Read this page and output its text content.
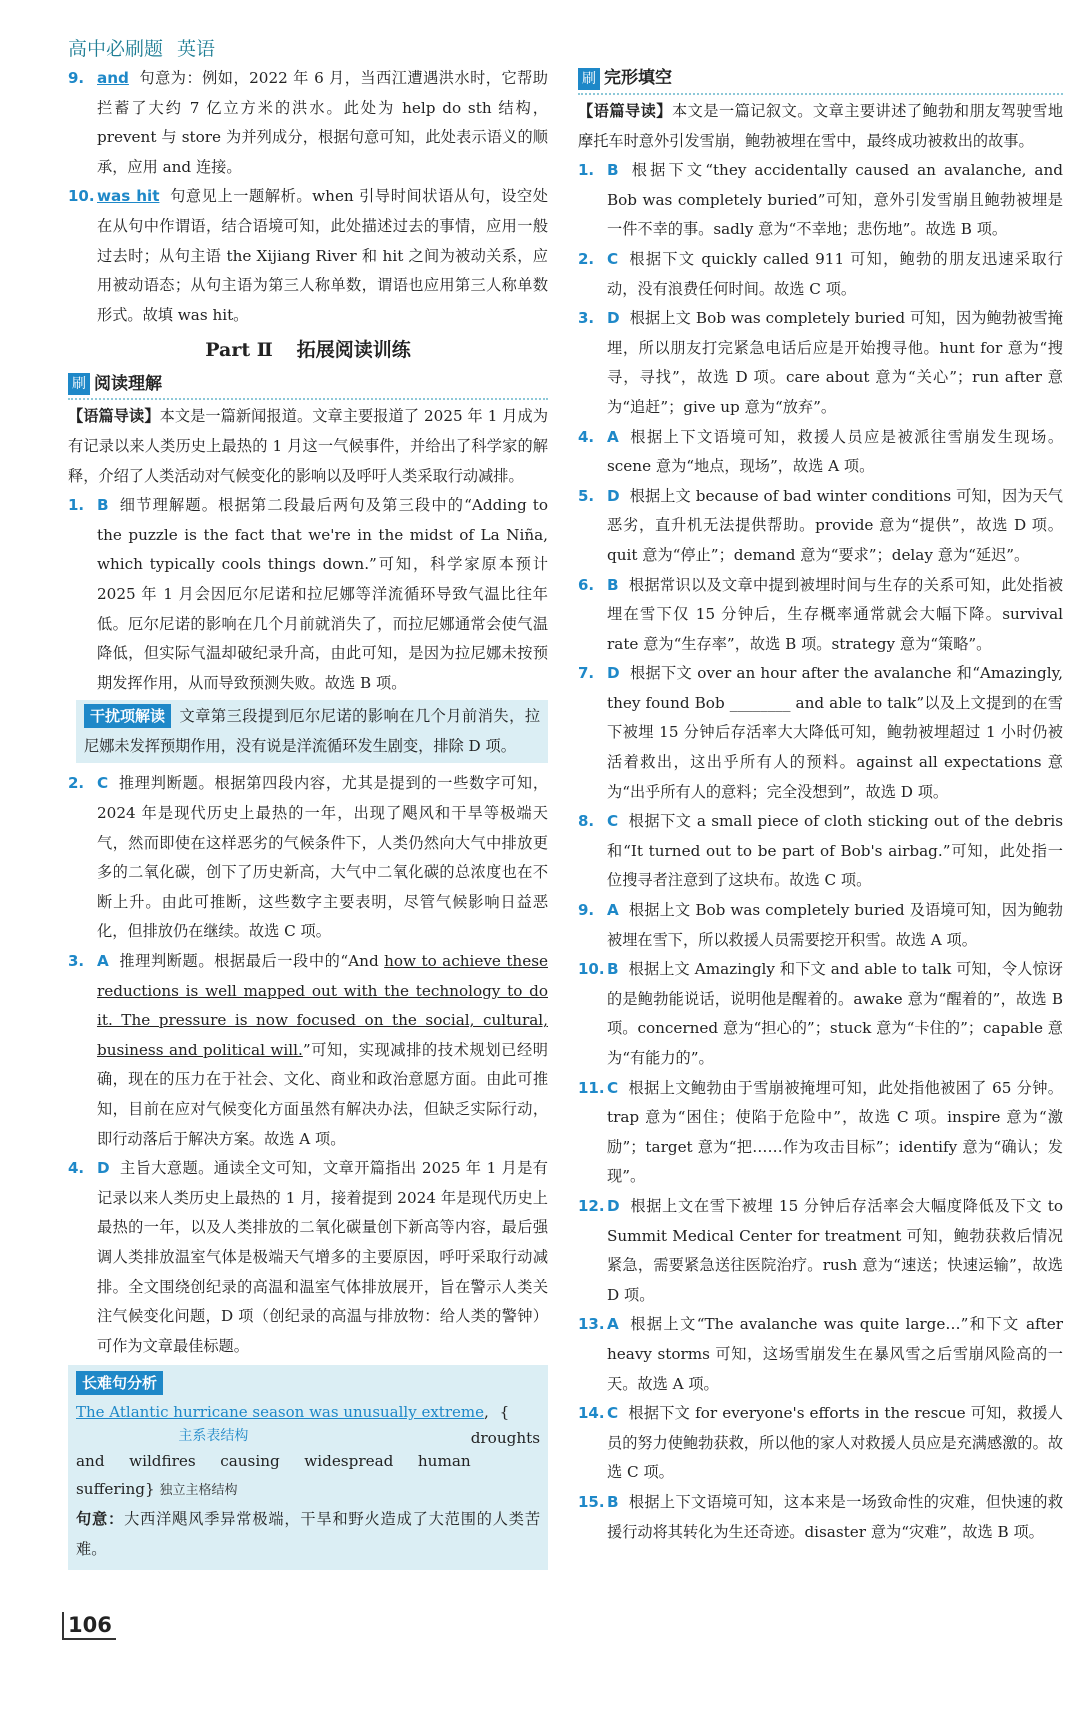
高中必刷题 英语
9. and 句意为：例如，2022 年 6 月，当西江遭遇洪水时，它帮助拦蓄了大约 7 亿立方米的洪水。此处为 help do sth 结构，prevent 与 store 为并列成分，根据句意可知，此处表示语义的顺承，应用 and 连接。
10. was hit 句意见上一题解析。when 引导时间状语从句，设空处在从句中作谓语，结合语境可知，此处描述过去的事情，应用一般过去时；从句主语 the Xijiang River 和 hit 之间为被动关系，应用被动语态；从句主语为第三人称单数，谓语也应用第三人称单数形式。故填 was hit。
Part Ⅱ 拓展阅读训练
刷 阅读理解
【语篇导读】本文是一篇新闻报道。文章主要报道了 2025 年 1 月成为有记录以来人类历史上最热的 1 月这一气候事件，并给出了科学家的解释，介绍了人类活动对气候变化的影响以及呼吁人类采取行动减排。
1. B 细节理解题。根据第二段最后两句及第三段中的“Adding to the puzzle is the fact that we're in the midst of La Niña, which typically cools things down.”可知，科学家原本预计 2025 年 1 月会因厄尔尼诺和拉尼娜等洋流循环导致气温比往年低。厄尔尼诺的影响在几个月前就消失了，而拉尼娜通常会使气温降低，但实际气温却破纪录升高，由此可知，是因为拉尼娜未按预期发挥作用，从而导致预测失败。故选 B 项。
干扰项解读 文章第三段提到厄尔尼诺的影响在几个月前消失，拉尼娜未发挥预期作用，没有说是洋流循环发生剧变，排除 D 项。
2. C 推理判断题。根据第四段内容，尤其是提到的一些数字可知，2024 年是现代历史上最热的一年，出现了飓风和干旱等极端天气，然而即使在这样恶劣的气候条件下，人类仍然向大气中排放更多的二氧化碳，创下了历史新高，大气中二氧化碳的总浓度也在不断上升。由此可推断，这些数字主要表明，尽管气候影响日益恶化，但排放仍在继续。故选 C 项。
3. A 推理判断题。根据最后一段中的“And how to achieve these reductions is well mapped out with the technology to do it. The pressure is now focused on the social, cultural, business and political will.”可知，实现减排的技术规划已经明确，现在的压力在于社会、文化、商业和政治意愿方面。由此可推知，目前在应对气候变化方面虽然有解决办法，但缺乏实际行动，即行动落后于解决方案。故选 A 项。
4. D 主旨大意题。通读全文可知，文章开篇指出 2025 年 1 月是有记录以来人类历史上最热的 1 月，接着提到 2024 年是现代历史上最热的一年，以及人类排放的二氧化碳量创下新高等内容，最后强调人类排放温室气体是极端天气增多的主要原因，呼吁采取行动减排。全文围绕创纪录的高温和温室气体排放展开，旨在警示人类关注气候变化问题，D 项（创纪录的高温与排放物：给人类的警钟）可作为文章最佳标题。
长难句分析
The Atlantic hurricane season was unusually extreme, {
droughts
主系表结构
and wildfires causing widespread human suffering} 独立主格结构
句意：大西洋飓风季异常极端，干旱和野火造成了大范围的人类苦难。
刷 完形填空
【语篇导读】本文是一篇记叙文。文章主要讲述了鲍勃和朋友驾驶雪地摩托车时意外引发雪崩，鲍勃被埋在雪中，最终成功被救出的故事。
1. B 根据下文“they accidentally caused an avalanche, and Bob was completely buried”可知，意外引发雪崩且鲍勃被埋是一件不幸的事。sadly 意为“不幸地；悲伤地”。故选 B 项。
2. C 根据下文 quickly called 911 可知，鲍勃的朋友迅速采取行动，没有浪费任何时间。故选 C 项。
3. D 根据上文 Bob was completely buried 可知，因为鲍勃被雪掩埋，所以朋友打完紧急电话后应是开始搜寻他。hunt for 意为“搜寻，寻找”，故选 D 项。care about 意为“关心”；run after 意为“追赶”；give up 意为“放弃”。
4. A 根据上下文语境可知，救援人员应是被派往雪崩发生现场。scene 意为“地点，现场”，故选 A 项。
5. D 根据上文 because of bad winter conditions 可知，因为天气恶劣，直升机无法提供帮助。provide 意为“提供”，故选 D 项。quit 意为“停止”；demand 意为“要求”；delay 意为“延迟”。
6. B 根据常识以及文章中提到被埋时间与生存的关系可知，此处指被埋在雪下仅 15 分钟后，生存概率通常就会大幅下降。survival rate 意为“生存率”，故选 B 项。strategy 意为“策略”。
7. D 根据下文 over an hour after the avalanche 和“Amazingly, they found Bob ________ and able to talk”以及上文提到的在雪下被埋 15 分钟后存活率大大降低可知，鲍勃被埋超过 1 小时仍被活着救出，这出乎所有人的预料。against all expectations 意为“出乎所有人的意料；完全没想到”，故选 D 项。
8. C 根据下文 a small piece of cloth sticking out of the debris 和“It turned out to be part of Bob's airbag.”可知，此处指一位搜寻者注意到了这块布。故选 C 项。
9. A 根据上文 Bob was completely buried 及语境可知，因为鲍勃被埋在雪下，所以救援人员需要挖开积雪。故选 A 项。
10. B 根据上文 Amazingly 和下文 and able to talk 可知，令人惊讶的是鲍勃能说话，说明他是醒着的。awake 意为“醒着的”，故选 B 项。concerned 意为“担心的”；stuck 意为“卡住的”；capable 意为“有能力的”。
11. C 根据上文鲍勃由于雪崩被掩埋可知，此处指他被困了 65 分钟。trap 意为“困住；使陷于危险中”，故选 C 项。inspire 意为“激励”；target 意为“把……作为攻击目标”；identify 意为“确认；发现”。
12. D 根据上文在雪下被埋 15 分钟后存活率会大幅度降低及下文 to Summit Medical Center for treatment 可知，鲍勃获救后情况紧急，需要紧急送往医院治疗。rush 意为“速送；快速运输”，故选 D 项。
13. A 根据上文“The avalanche was quite large…”和下文 after heavy storms 可知，这场雪崩发生在暴风雪之后雪崩风险高的一天。故选 A 项。
14. C 根据下文 for everyone's efforts in the rescue 可知，救援人员的努力使鲍勃获救，所以他的家人对救援人员应是充满感激的。故选 C 项。
15. B 根据上下文语境可知，这本来是一场致命性的灾难，但快速的救援行动将其转化为生还奇迹。disaster 意为“灾难”，故选 B 项。
106
